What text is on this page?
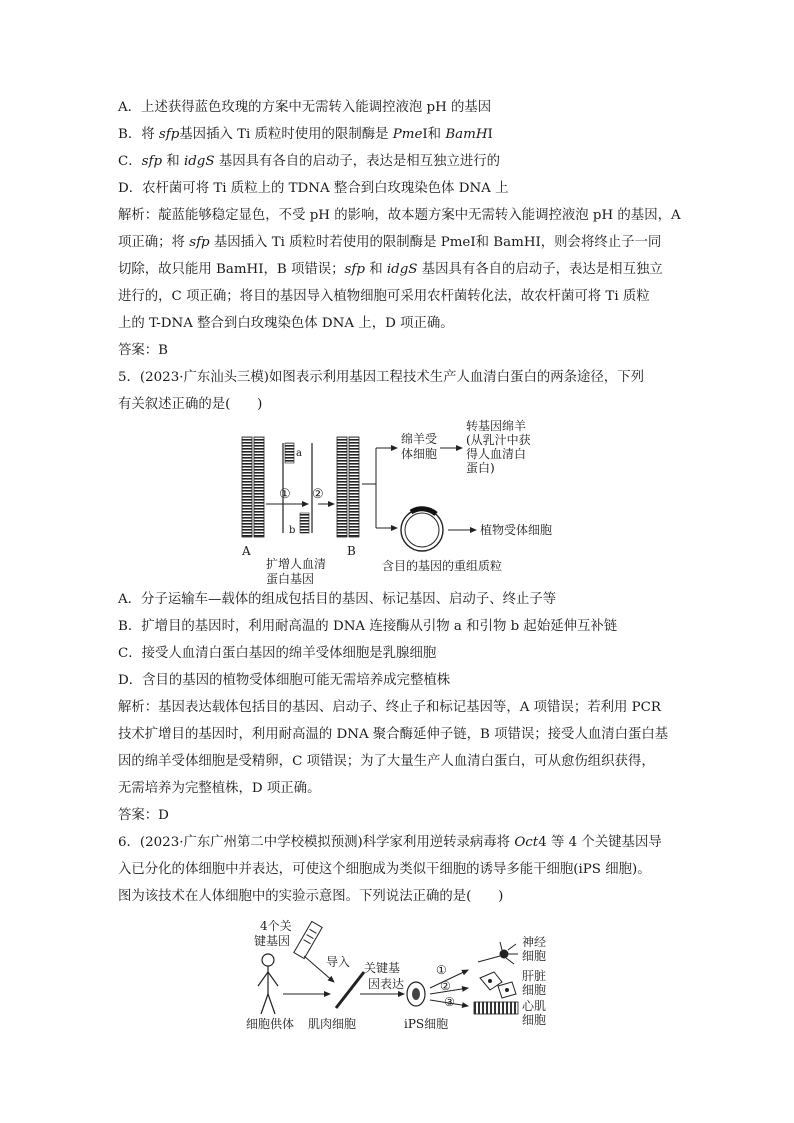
A．上述获得蓝色玫瑰的方案中无需转入能调控液泡 pH 的基因
B．将 sfp基因插入 Ti 质粒时使用的限制酶是 PmeⅠ和 BamHⅠ
C．sfp 和 idgS 基因具有各自的启动子，表达是相互独立进行的
D．农杆菌可将 Ti 质粒上的 TDNA 整合到白玫瑰染色体 DNA 上
解析：靛蓝能够稳定显色，不受 pH 的影响，故本题方案中无需转入能调控液泡 pH 的基因，A
项正确；将 sfp 基因插入 Ti 质粒时若使用的限制酶是 PmeⅠ和 BamHⅠ，则会将终止子一同
切除，故只能用 BamHⅠ，B 项错误；sfp 和 idgS 基因具有各自的启动子，表达是相互独立
进行的，C 项正确；将目的基因导入植物细胞可采用农杆菌转化法，故农杆菌可将 Ti 质粒
上的 T-DNA 整合到白玫瑰染色体 DNA 上，D 项正确。
答案：B
5．(2023·广东汕头三模)如图表示利用基因工程技术生产人血清白蛋白的两条途径，下列
有关叙述正确的是(　　)
A
①
a
b
扩增人血清
蛋白基因
②
B
绵羊受
体细胞
转基因绵羊
(从乳汁中获
得人血清白
蛋白)
植物受体细胞
含目的基因的重组质粒
A．分子运输车—载体的组成包括目的基因、标记基因、启动子、终止子等
B．扩增目的基因时，利用耐高温的 DNA 连接酶从引物 a 和引物 b 起始延伸互补链
C．接受人血清白蛋白基因的绵羊受体细胞是乳腺细胞
D．含目的基因的植物受体细胞可能无需培养成完整植株
解析：基因表达载体包括目的基因、启动子、终止子和标记基因等，A 项错误；若利用 PCR
技术扩增目的基因时，利用耐高温的 DNA 聚合酶延伸子链，B 项错误；接受人血清白蛋白基
因的绵羊受体细胞是受精卵，C 项错误；为了大量生产人血清白蛋白，可从愈伤组织获得，
无需培养为完整植株，D 项正确。
答案：D
6．(2023·广东广州第二中学校模拟预测)科学家利用逆转录病毒将 Oct4 等 4 个关键基因导
入已分化的体细胞中并表达，可使这个细胞成为类似干细胞的诱导多能干细胞(iPS 细胞)。
图为该技术在人体细胞中的实验示意图。下列说法正确的是(　　)
4个关
键基因
导入
细胞供体 肌肉细胞
关键基
因表达
iPS细胞
①
②
③
神经
细胞
肝脏
细胞
心肌
细胞
